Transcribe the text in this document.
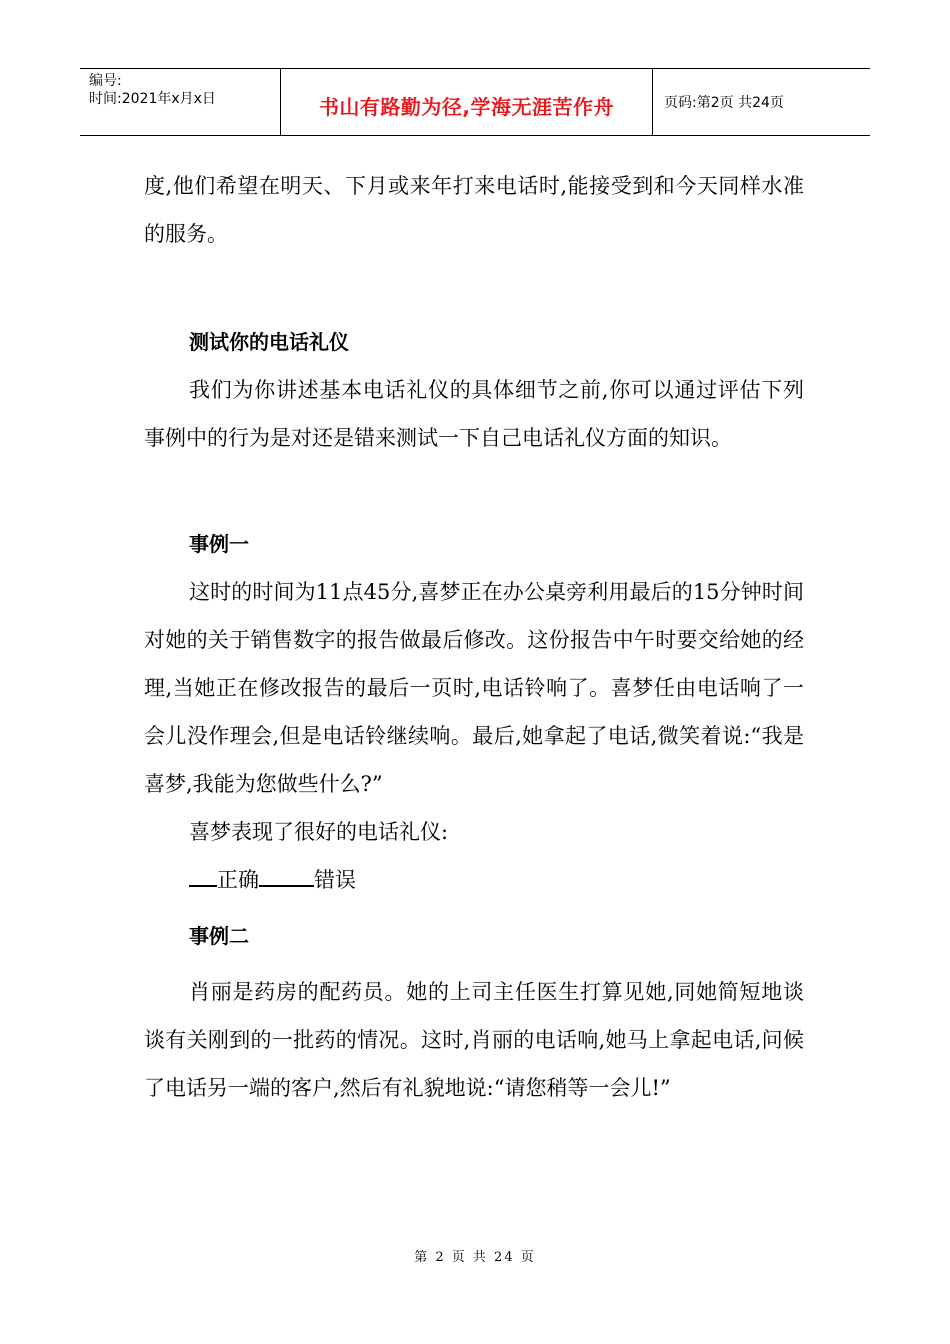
编号:
时间:2021年x月x日	书山有路勤为径,学海无涯苦作舟	页码:第2页 共24页

度,他们希望在明天、下月或来年打来电话时,能接受到和今天同样水准的服务。

测试你的电话礼仪

我们为你讲述基本电话礼仪的具体细节之前,你可以通过评估下列事例中的行为是对还是错来测试一下自己电话礼仪方面的知识。

事例一

这时的时间为11点45分,喜梦正在办公桌旁利用最后的15分钟时间对她的关于销售数字的报告做最后修改。这份报告中午时要交给她的经理,当她正在修改报告的最后一页时,电话铃响了。喜梦任由电话响了一会儿没作理会,但是电话铃继续响。最后,她拿起了电话,微笑着说:“我是喜梦,我能为您做些什么?”

喜梦表现了很好的电话礼仪:

正确	错误

事例二

肖丽是药房的配药员。她的上司主任医生打算见她,同她简短地谈谈有关刚到的一批药的情况。这时,肖丽的电话响,她马上拿起电话,问候了电话另一端的客户,然后有礼貌地说:“请您稍等一会儿!”

第 2 页 共 24 页
